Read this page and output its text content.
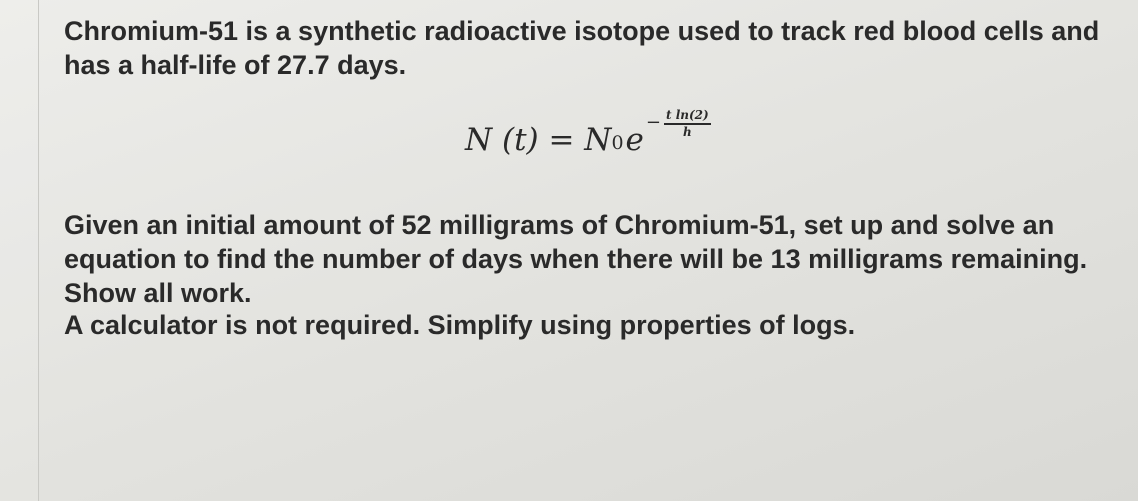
Chromium-51 is a synthetic radioactive isotope used to track red blood cells and

has a half-life of 27.7 days.

Given an initial amount of 52 milligrams of Chromium-51, set up and solve an

equation to find the number of days when there will be 13 milligrams remaining.

Show all work.

A calculator is not required. Simplify using properties of logs.

N (t) = N 0 $e - \frac{\text{t ln(2)}}{h}$
